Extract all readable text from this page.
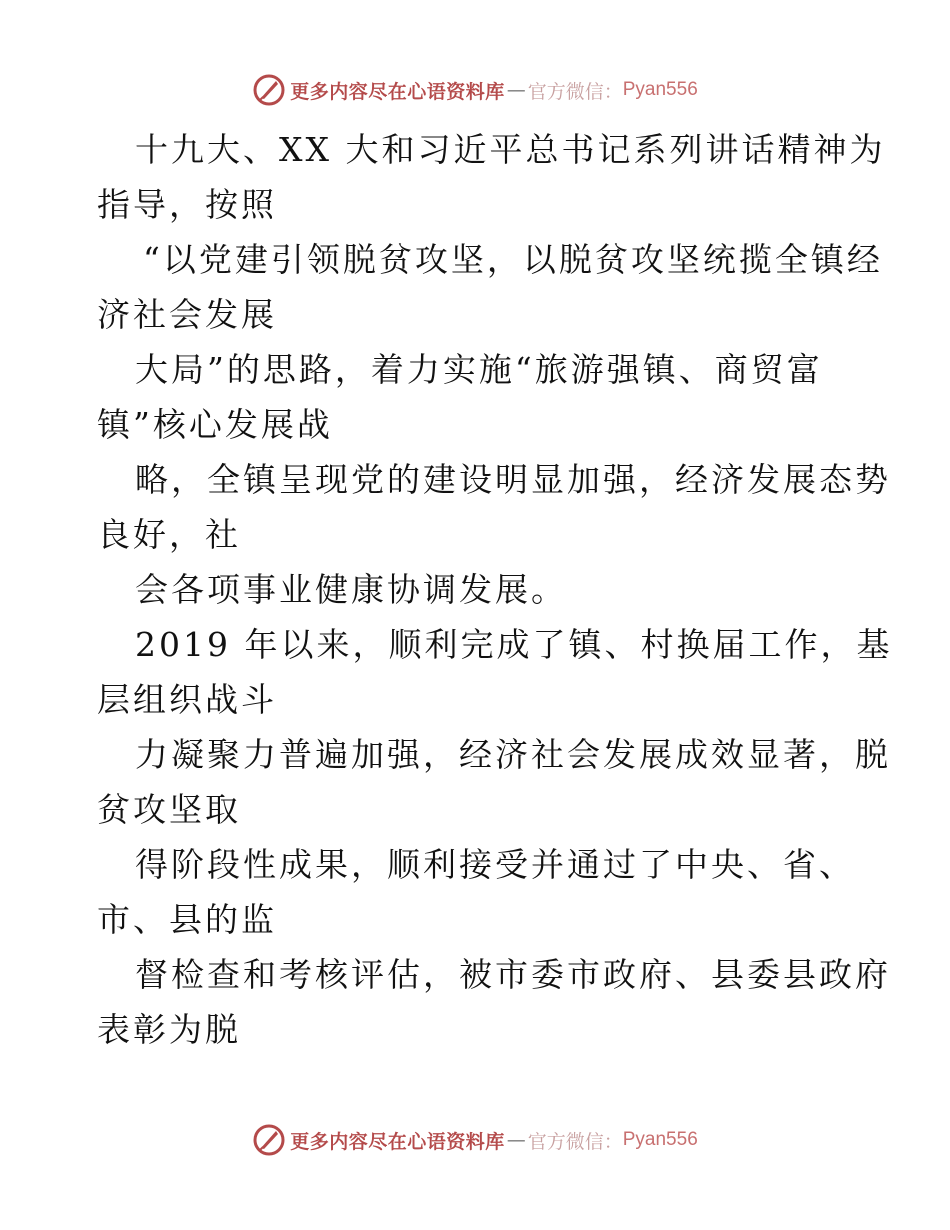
更多内容尽在心语资料库 — 官方微信： Pyan556
十九大、XX 大和习近平总书记系列讲话精神为
指导，按照
“以党建引领脱贫攻坚，以脱贫攻坚统揽全镇经
济社会发展
大局”的思路，着力实施“旅游强镇、商贸富
镇”核心发展战
略，全镇呈现党的建设明显加强，经济发展态势
良好，社
会各项事业健康协调发展。
2019 年以来，顺利完成了镇、村换届工作，基
层组织战斗
力凝聚力普遍加强，经济社会发展成效显著，脱
贫攻坚取
得阶段性成果，顺利接受并通过了中央、省、
市、县的监
督检查和考核评估，被市委市政府、县委县政府
表彰为脱
更多内容尽在心语资料库 — 官方微信： Pyan556
